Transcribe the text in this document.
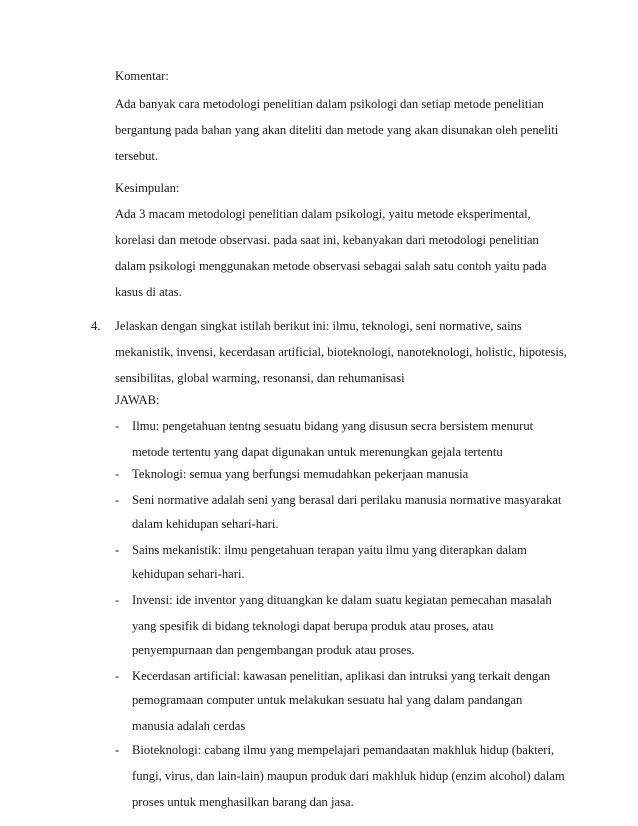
Komentar:
Ada banyak cara metodologi penelitian dalam psikologi dan setiap metode penelitian
bergantung pada bahan yang akan diteliti dan metode yang akan disunakan oleh peneliti
tersebut.
Kesimpulan:
Ada 3 macam metodologi penelitian dalam psikologi, yaitu metode eksperimental,
korelasi dan metode observasi. pada saat ini, kebanyakan dari metodologi penelitian
dalam psikologi menggunakan metode observasi sebagai salah satu contoh yaitu pada
kasus di atas.
4. Jelaskan dengan singkat istilah berikut ini: ilmu, teknologi, seni normative, sains
mekanistik, invensi, kecerdasan artificial, bioteknologi, nanoteknologi, holistic, hipotesis,
sensibilitas, global warming, resonansi, dan rehumanisasi
JAWAB:
- Ilmu: pengetahuan tentng sesuatu bidang yang disusun secra bersistem menurut
metode tertentu yang dapat digunakan untuk merenungkan gejala tertentu
- Teknologi: semua yang berfungsi memudahkan pekerjaan manusia
- Seni normative adalah seni yang berasal dari perilaku manusia normative masyarakat
dalam kehidupan sehari-hari.
- Sains mekanistik: ilmu pengetahuan terapan yaitu ilmu yang diterapkan dalam
kehidupan sehari-hari.
- Invensi: ide inventor yang dituangkan ke dalam suatu kegiatan pemecahan masalah
yang spesifik di bidang teknologi dapat berupa produk atau proses, atau
penyempurnaan dan pengembangan produk atau proses.
- Kecerdasan artificial: kawasan penelitian, aplikasi dan intruksi yang terkait dengan
pemogramaan computer untuk melakukan sesuatu hal yang dalam pandangan
manusia adalah cerdas
- Bioteknologi: cabang ilmu yang mempelajari pemandaatan makhluk hidup (bakteri,
fungi, virus, dan lain-lain) maupun produk dari makhluk hidup (enzim alcohol) dalam
proses untuk menghasilkan barang dan jasa.
